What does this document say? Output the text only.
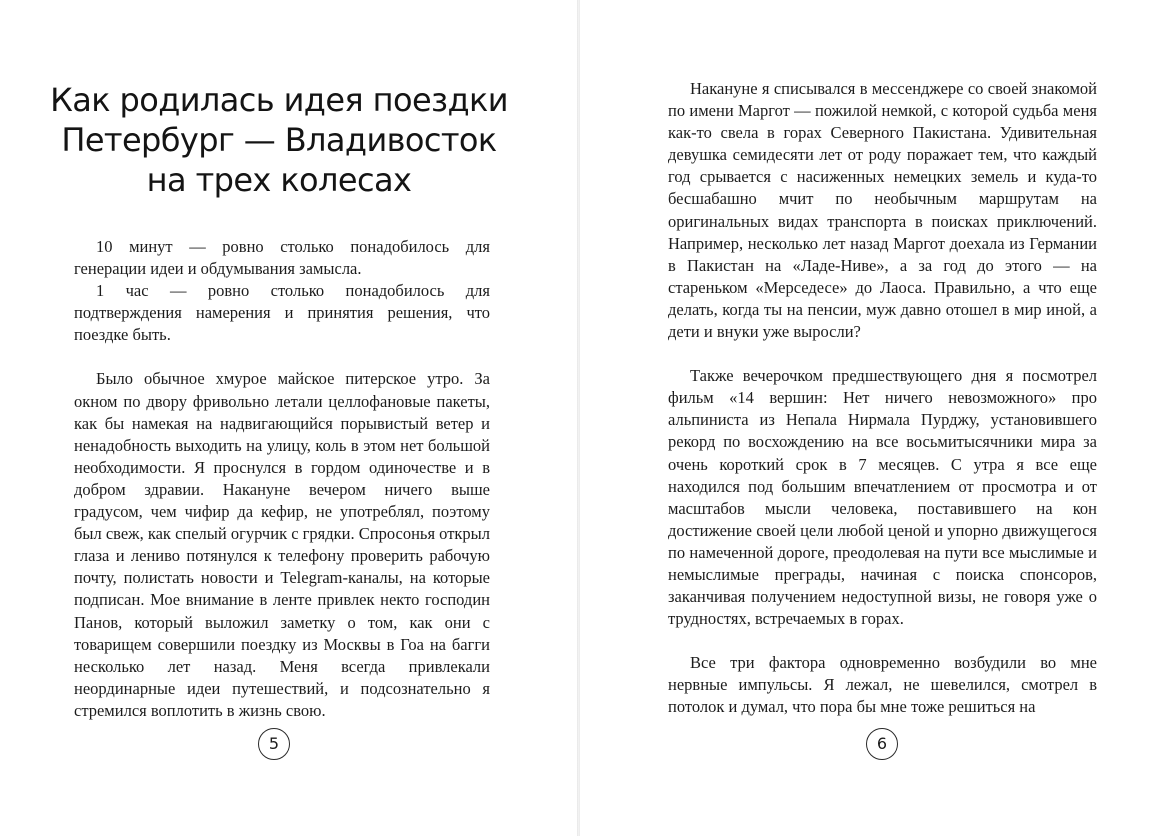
Как родилась идея поездки
Петербург — Владивосток
на трех колесах

10 минут — ровно столько понадобилось для генерации идеи и обдумывания замысла.

1 час — ровно столько понадобилось для подтверждения намерения и принятия решения, что поездке быть.

Было обычное хмурое майское питерское утро. За окном по двору фривольно летали целлофановые пакеты, как бы намекая на надвигающийся порывистый ветер и ненадобность выходить на улицу, коль в этом нет большой необходимости. Я проснулся в гордом одиночестве и в добром здравии. Накануне вечером ничего выше градусом, чем чифир да кефир, не употреблял, поэтому был свеж, как спелый огурчик с грядки. Спросонья открыл глаза и лениво потянулся к телефону проверить рабочую почту, полистать новости и Telegram-каналы, на которые подписан. Мое внимание в ленте привлек некто господин Панов, который выложил заметку о том, как они с товарищем совершили поездку из Москвы в Гоа на багги несколько лет назад. Меня всегда привлекали неординарные идеи путешествий, и подсознательно я стремился воплотить в жизнь свою.

5

Накануне я списывался в мессенджере со своей знакомой по имени Маргот — пожилой немкой, с которой судьба меня как-то свела в горах Северного Пакистана. Удивительная девушка семидесяти лет от роду поражает тем, что каждый год срывается с насиженных немецких земель и куда-то бесшабашно мчит по необычным маршрутам на оригинальных видах транспорта в поисках приключений. Например, несколько лет назад Маргот доехала из Германии в Пакистан на «Ладе-Ниве», а за год до этого — на стареньком «Мерседесе» до Лаоса. Правильно, а что еще делать, когда ты на пенсии, муж давно отошел в мир иной, а дети и внуки уже выросли?

Также вечерочком предшествующего дня я посмотрел фильм «14 вершин: Нет ничего невозможного» про альпиниста из Непала Нирмала Пурджу, установившего рекорд по восхождению на все восьмитысячники мира за очень короткий срок в 7 месяцев. С утра я все еще находился под большим впечатлением от просмотра и от масштабов мысли человека, поставившего на кон достижение своей цели любой ценой и упорно движущегося по намеченной дороге, преодолевая на пути все мыслимые и немыслимые преграды, начиная с поиска спонсоров, заканчивая получением недоступной визы, не говоря уже о трудностях, встречаемых в горах.

Все три фактора одновременно возбудили во мне нервные импульсы. Я лежал, не шевелился, смотрел в потолок и думал, что пора бы мне тоже решиться на

6
